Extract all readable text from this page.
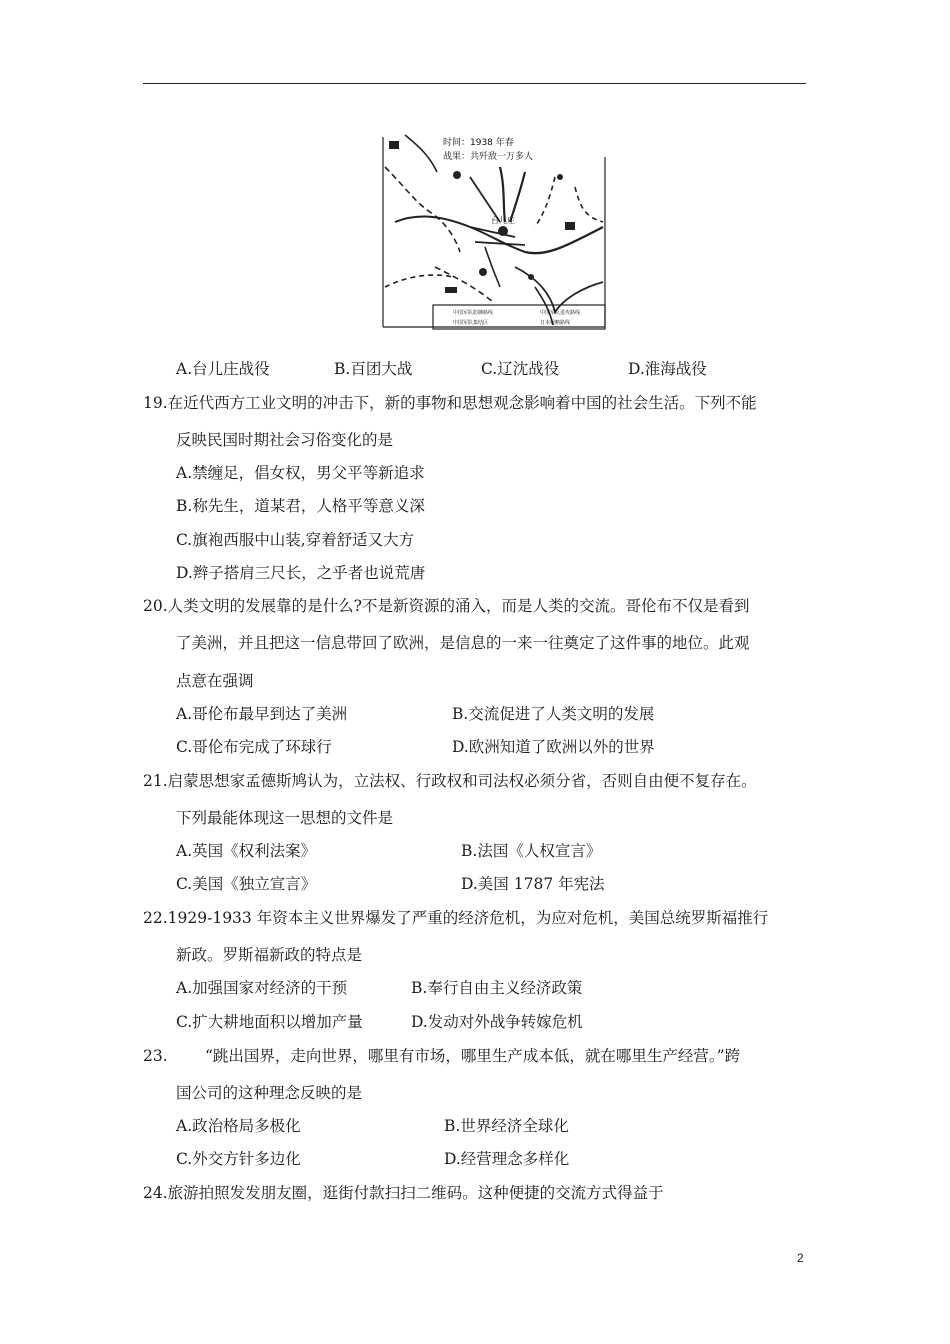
时间：1938 年春
战果：共歼敌一万多人
台儿庄
中国军队防御路线	中国军队进攻路线
中国军队集结区	日本侵略路线
A.台儿庄战役	B.百团大战	C.辽沈战役	D.淮海战役
19.在近代西方工业文明的冲击下，新的事物和思想观念影响着中国的社会生活。下列不能
反映民国时期社会习俗变化的是
A.禁缠足，倡女权，男父平等新追求
B.称先生，道某君，人格平等意义深
C.旗袍西服中山装,穿着舒适又大方
D.辫子搭肩三尺长，之乎者也说荒唐
20.人类文明的发展靠的是什么?不是新资源的涌入，而是人类的交流。哥伦布不仅是看到
了美洲，并且把这一信息带回了欧洲，是信息的一来一往奠定了这件事的地位。此观
点意在强调
A.哥伦布最早到达了美洲	B.交流促进了人类文明的发展
C.哥伦布完成了环球行	D.欧洲知道了欧洲以外的世界
21.启蒙思想家孟德斯鸠认为，立法权、行政权和司法权必须分省，否则自由便不复存在。
下列最能体现这一思想的文件是
A.英国《权利法案》	B.法国《人权宣言》
C.美国《独立宣言》	D.美国 1787 年宪法
22.1929-1933 年资本主义世界爆发了严重的经济危机，为应对危机，美国总统罗斯福推行
新政。罗斯福新政的特点是
A.加强国家对经济的干预	B.奉行自由主义经济政策
C.扩大耕地面积以增加产量	D.发动对外战争转嫁危机
23. “跳出国界，走向世界，哪里有市场，哪里生产成本低，就在哪里生产经营。”跨
国公司的这种理念反映的是
A.政治格局多极化	B.世界经济全球化
C.外交方针多边化	D.经营理念多样化
24.旅游拍照发发朋友圈，逛街付款扫扫二维码。这种便捷的交流方式得益于
2
